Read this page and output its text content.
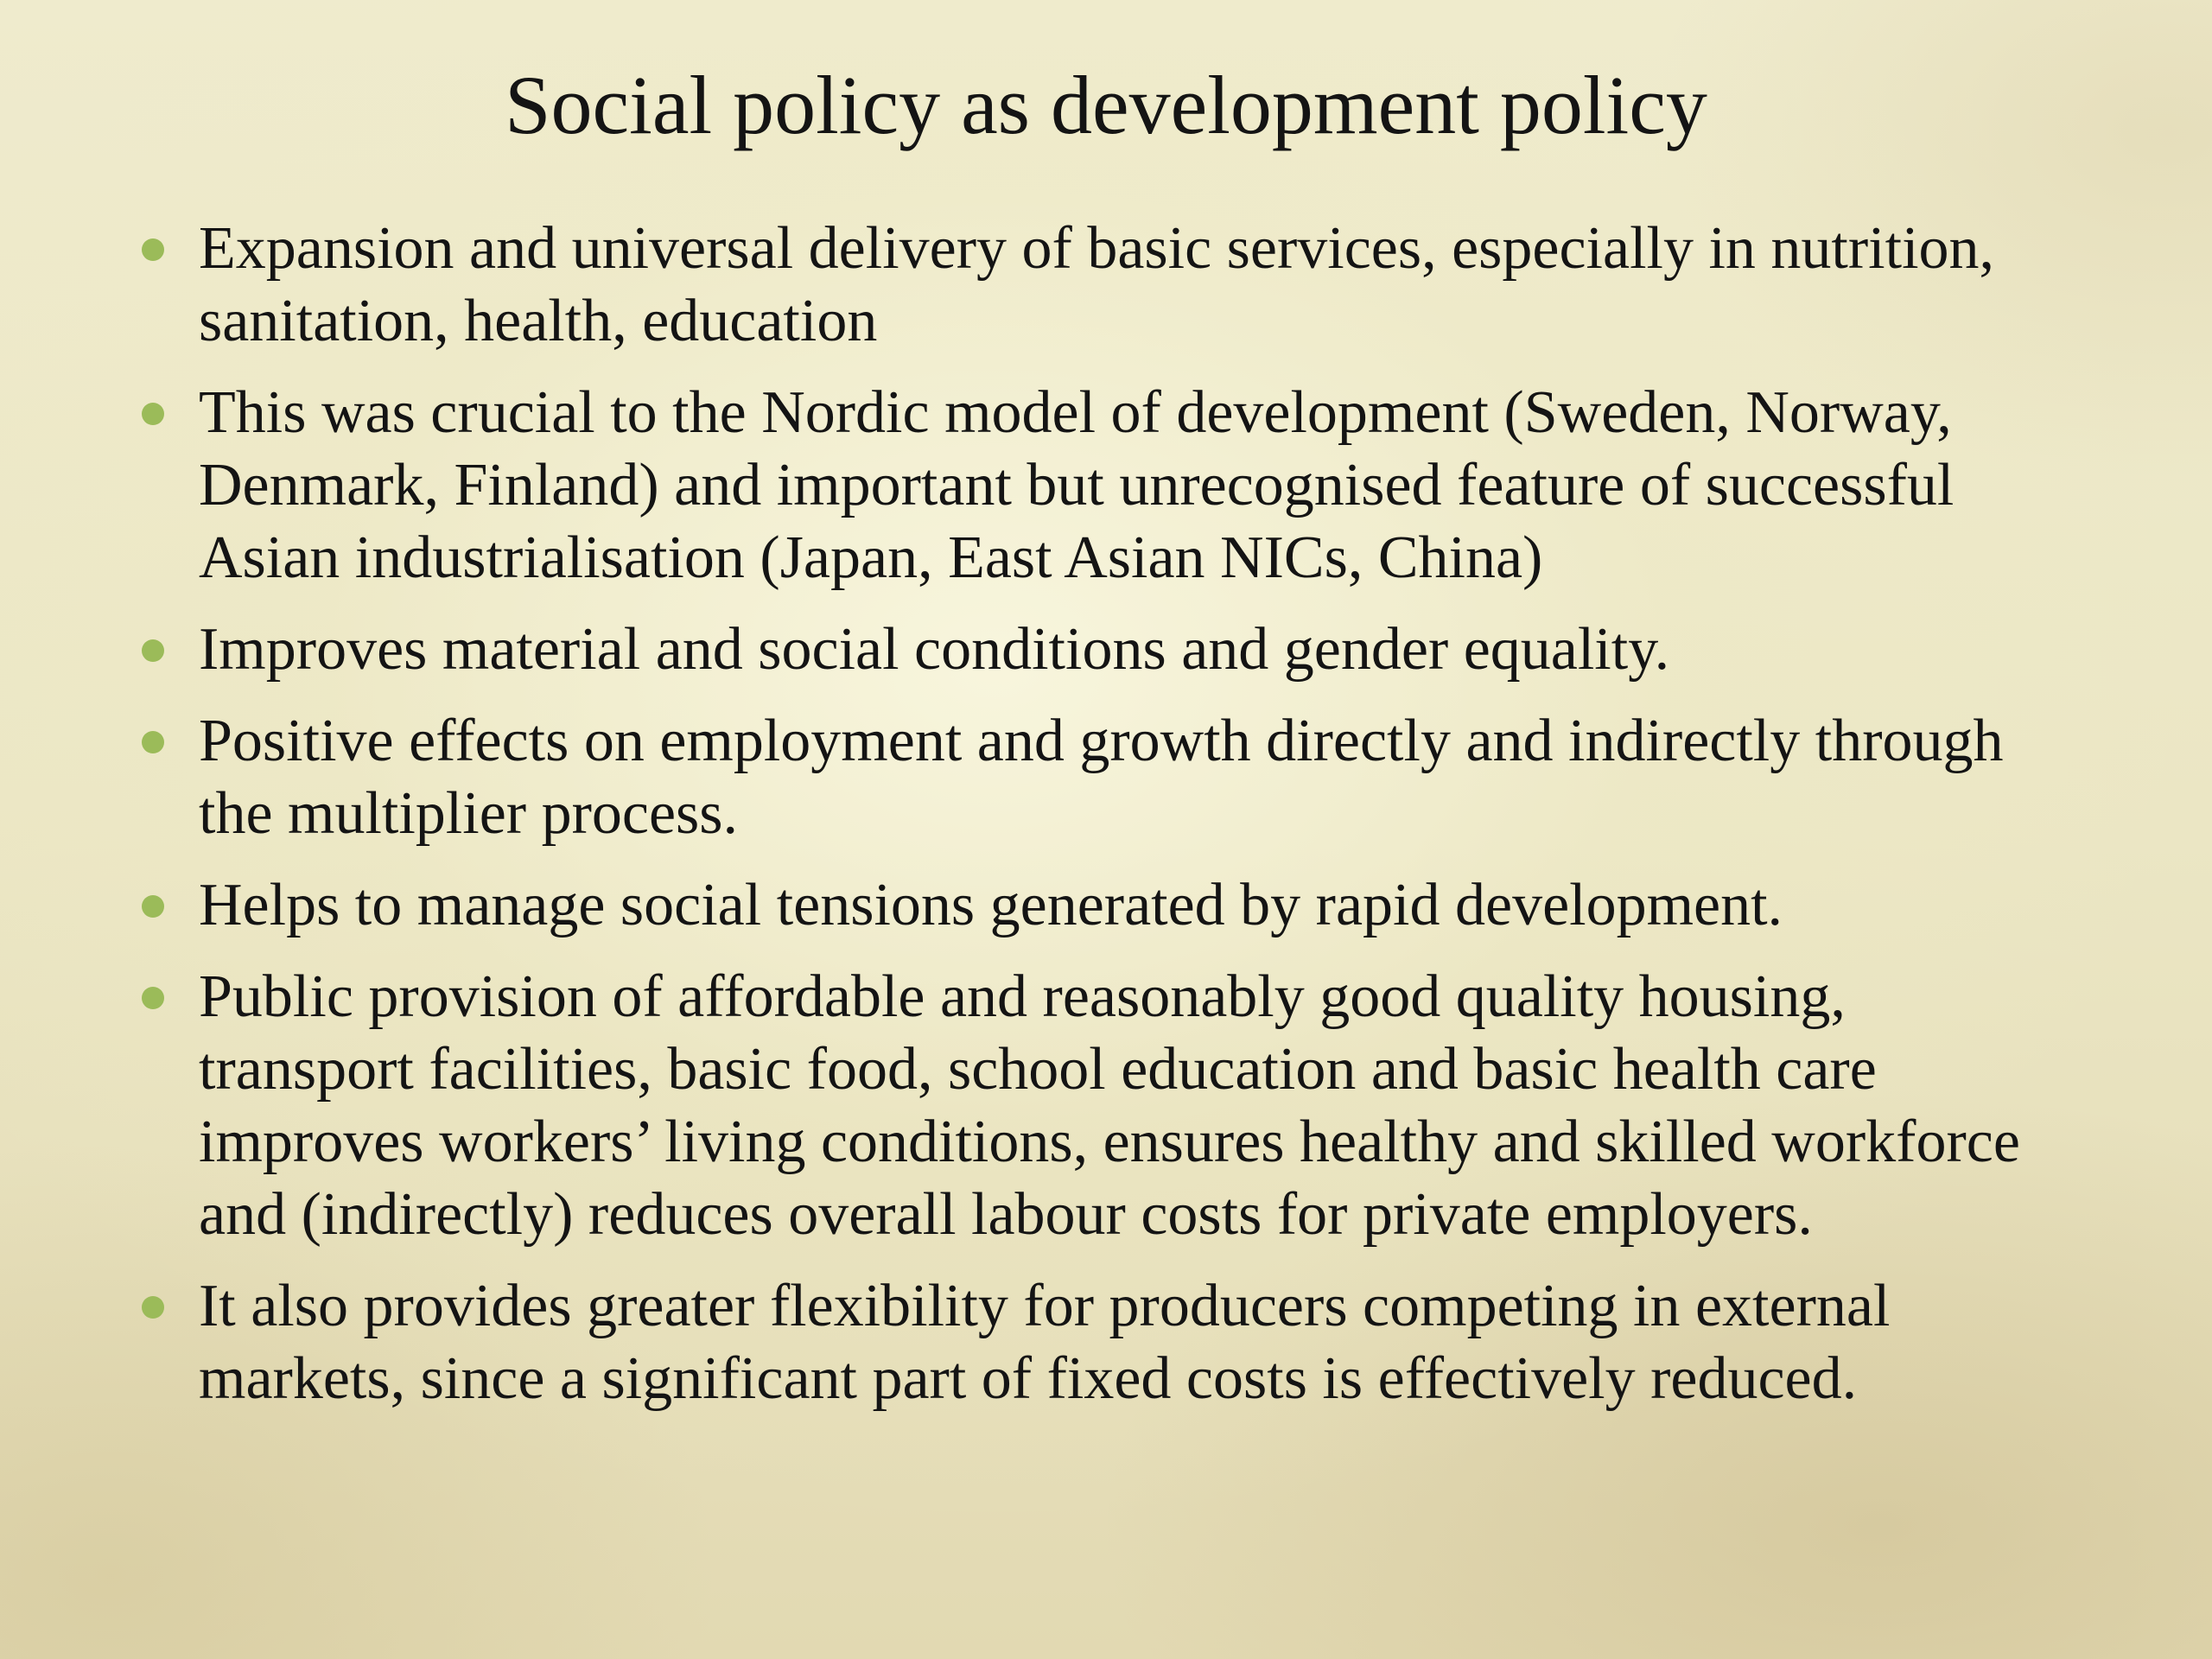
Social policy as development policy
Expansion and universal delivery of basic services, especially in nutrition, sanitation, health, education
This was crucial to the Nordic model of development (Sweden, Norway, Denmark, Finland) and important but unrecognised feature of successful Asian industrialisation (Japan, East Asian NICs, China)
Improves material and social conditions and gender equality.
Positive effects on employment and growth directly and indirectly through the multiplier process.
Helps to manage social tensions generated by rapid development.
Public provision of affordable and reasonably good quality housing, transport facilities, basic food, school education and basic health care improves workers’ living conditions, ensures healthy and skilled workforce and (indirectly) reduces overall labour costs for private employers.
It also provides greater flexibility for producers competing in external markets, since a significant part of fixed costs is effectively reduced.
